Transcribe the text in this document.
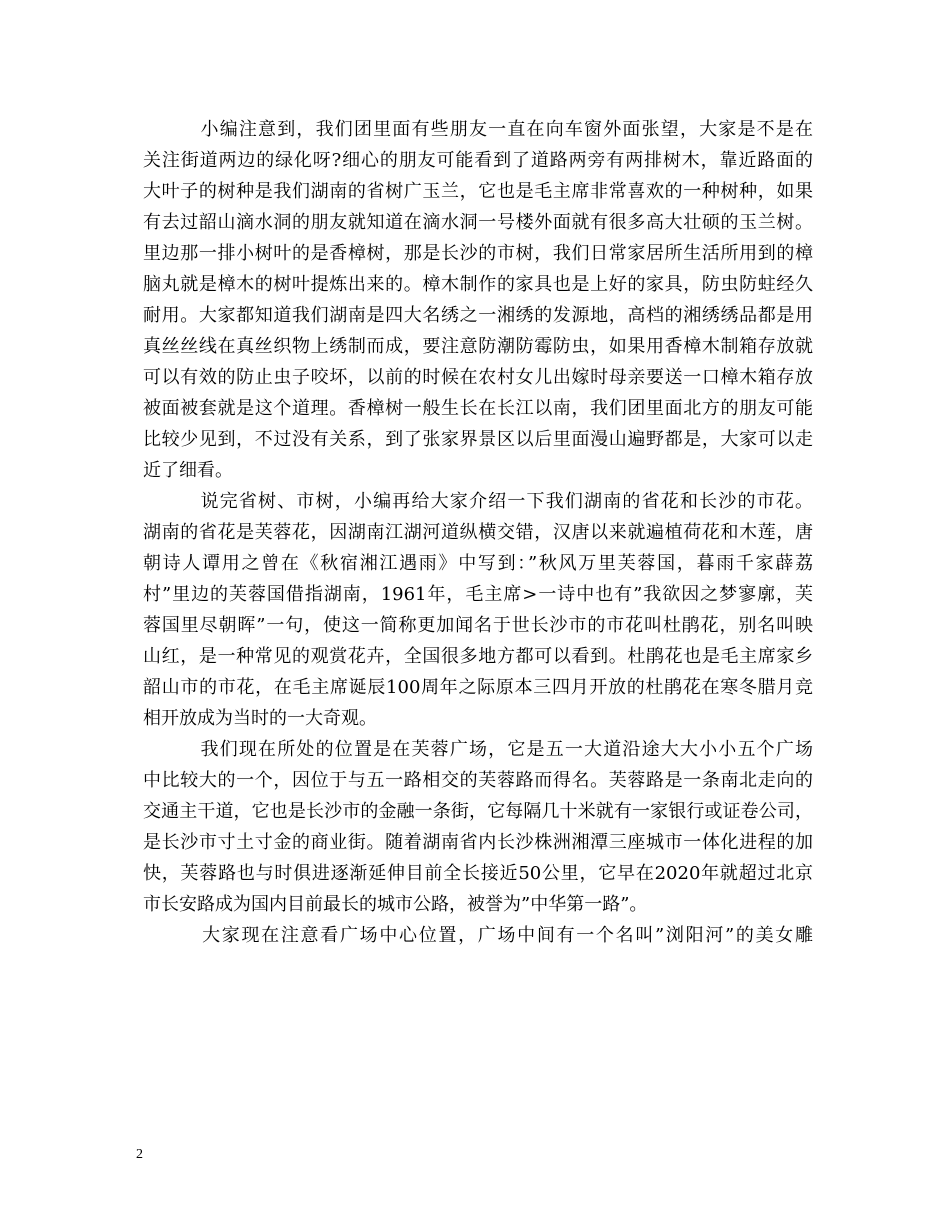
　　　小编注意到，我们团里面有些朋友一直在向车窗外面张望，大家是不是在
关注街道两边的绿化呀?细心的朋友可能看到了道路两旁有两排树木，靠近路面的
大叶子的树种是我们湖南的省树广玉兰，它也是毛主席非常喜欢的一种树种，如果
有去过韶山滴水洞的朋友就知道在滴水洞一号楼外面就有很多高大壮硕的玉兰树。
里边那一排小树叶的是香樟树，那是长沙的市树，我们日常家居所生活所用到的樟
脑丸就是樟木的树叶提炼出来的。樟木制作的家具也是上好的家具，防虫防蛀经久
耐用。大家都知道我们湖南是四大名绣之一湘绣的发源地，高档的湘绣绣品都是用
真丝丝线在真丝织物上绣制而成，要注意防潮防霉防虫，如果用香樟木制箱存放就
可以有效的防止虫子咬坏，以前的时候在农村女儿出嫁时母亲要送一口樟木箱存放
被面被套就是这个道理。香樟树一般生长在长江以南，我们团里面北方的朋友可能
比较少见到，不过没有关系，到了张家界景区以后里面漫山遍野都是，大家可以走
近了细看。

　　　说完省树、市树，小编再给大家介绍一下我们湖南的省花和长沙的市花。
湖南的省花是芙蓉花，因湖南江湖河道纵横交错，汉唐以来就遍植荷花和木莲，唐
朝诗人谭用之曾在《秋宿湘江遇雨》中写到：”秋风万里芙蓉国，暮雨千家薜荔
村”里边的芙蓉国借指湖南，1961年，毛主席>一诗中也有”我欲因之梦寥廓，芙
蓉国里尽朝晖”一句，使这一简称更加闻名于世长沙市的市花叫杜鹃花，别名叫映
山红，是一种常见的观赏花卉，全国很多地方都可以看到。杜鹃花也是毛主席家乡
韶山市的市花，在毛主席诞辰100周年之际原本三四月开放的杜鹃花在寒冬腊月竞
相开放成为当时的一大奇观。

　　　我们现在所处的位置是在芙蓉广场，它是五一大道沿途大大小小五个广场
中比较大的一个，因位于与五一路相交的芙蓉路而得名。芙蓉路是一条南北走向的
交通主干道，它也是长沙市的金融一条街，它每隔几十米就有一家银行或证卷公司，
是长沙市寸土寸金的商业街。随着湖南省内长沙株洲湘潭三座城市一体化进程的加
快，芙蓉路也与时俱进逐渐延伸目前全长接近50公里，它早在2020年就超过北京
市长安路成为国内目前最长的城市公路，被誉为”中华第一路”。

　　　大家现在注意看广场中心位置，广场中间有一个名叫”浏阳河”的美女雕

2
